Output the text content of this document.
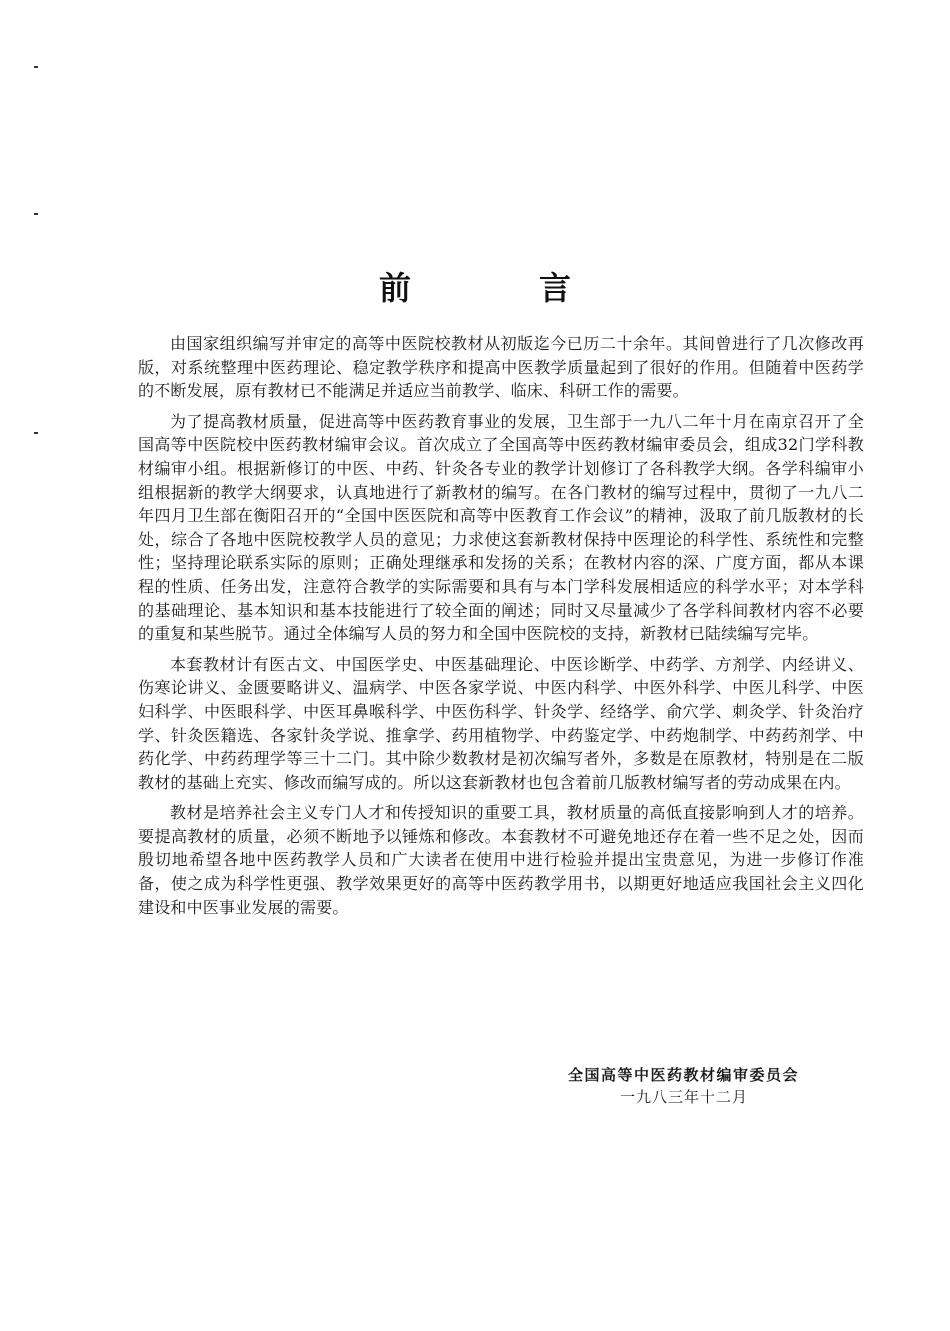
前　言

由国家组织编写并审定的高等中医院校教材从初版迄今已历二十余年。其间曾进行了几次修改再版，对系统整理中医药理论、稳定教学秩序和提高中医教学质量起到了很好的作用。但随着中医药学的不断发展，原有教材已不能满足并适应当前教学、临床、科研工作的需要。

为了提高教材质量，促进高等中医药教育事业的发展，卫生部于一九八二年十月在南京召开了全国高等中医院校中医药教材编审会议。首次成立了全国高等中医药教材编审委员会，组成32门学科教材编审小组。根据新修订的中医、中药、针灸各专业的教学计划修订了各科教学大纲。各学科编审小组根据新的教学大纲要求，认真地进行了新教材的编写。在各门教材的编写过程中，贯彻了一九八二年四月卫生部在衡阳召开的“全国中医医院和高等中医教育工作会议”的精神，汲取了前几版教材的长处，综合了各地中医院校教学人员的意见；力求使这套新教材保持中医理论的科学性、系统性和完整性；坚持理论联系实际的原则；正确处理继承和发扬的关系；在教材内容的深、广度方面，都从本课程的性质、任务出发，注意符合教学的实际需要和具有与本门学科发展相适应的科学水平；对本学科的基础理论、基本知识和基本技能进行了较全面的阐述；同时又尽量减少了各学科间教材内容不必要的重复和某些脱节。通过全体编写人员的努力和全国中医院校的支持，新教材已陆续编写完毕。

本套教材计有医古文、中国医学史、中医基础理论、中医诊断学、中药学、方剂学、内经讲义、伤寒论讲义、金匮要略讲义、温病学、中医各家学说、中医内科学、中医外科学、中医儿科学、中医妇科学、中医眼科学、中医耳鼻喉科学、中医伤科学、针灸学、经络学、俞穴学、刺灸学、针灸治疗学、针灸医籍选、各家针灸学说、推拿学、药用植物学、中药鉴定学、中药炮制学、中药药剂学、中药化学、中药药理学等三十二门。其中除少数教材是初次编写者外，多数是在原教材，特别是在二版教材的基础上充实、修改而编写成的。所以这套新教材也包含着前几版教材编写者的劳动成果在内。

教材是培养社会主义专门人才和传授知识的重要工具，教材质量的高低直接影响到人才的培养。要提高教材的质量，必须不断地予以锤炼和修改。本套教材不可避免地还存在着一些不足之处，因而殷切地希望各地中医药教学人员和广大读者在使用中进行检验并提出宝贵意见，为进一步修订作准备，使之成为科学性更强、教学效果更好的高等中医药教学用书，以期更好地适应我国社会主义四化建设和中医事业发展的需要。

全国高等中医药教材编审委员会
一九八三年十二月
